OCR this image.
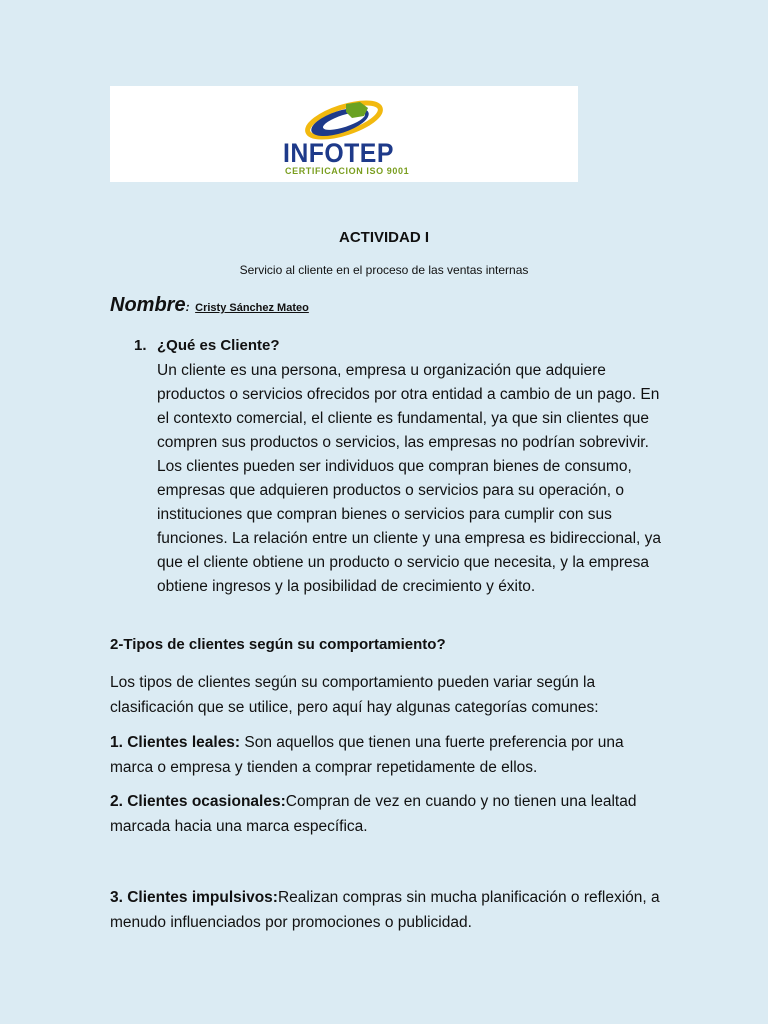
INFOTEP
CERTIFICACION ISO 9001
ACTIVIDAD I
Servicio al cliente en el proceso de las ventas internas
Nombre: Cristy Sánchez Mateo
1. ¿Qué es Cliente?
Un cliente es una persona, empresa u organización que adquiere productos o servicios ofrecidos por otra entidad a cambio de un pago. En el contexto comercial, el cliente es fundamental, ya que sin clientes que compren sus productos o servicios, las empresas no podrían sobrevivir. Los clientes pueden ser individuos que compran bienes de consumo, empresas que adquieren productos o servicios para su operación, o instituciones que compran bienes o servicios para cumplir con sus funciones. La relación entre un cliente y una empresa es bidireccional, ya que el cliente obtiene un producto o servicio que necesita, y la empresa obtiene ingresos y la posibilidad de crecimiento y éxito.
2-Tipos de clientes según su comportamiento?
Los tipos de clientes según su comportamiento pueden variar según la clasificación que se utilice, pero aquí hay algunas categorías comunes:
1. Clientes leales: Son aquellos que tienen una fuerte preferencia por una marca o empresa y tienden a comprar repetidamente de ellos.
2. Clientes ocasionales:Compran de vez en cuando y no tienen una lealtad marcada hacia una marca específica.
3. Clientes impulsivos:Realizan compras sin mucha planificación o reflexión, a menudo influenciados por promociones o publicidad.
